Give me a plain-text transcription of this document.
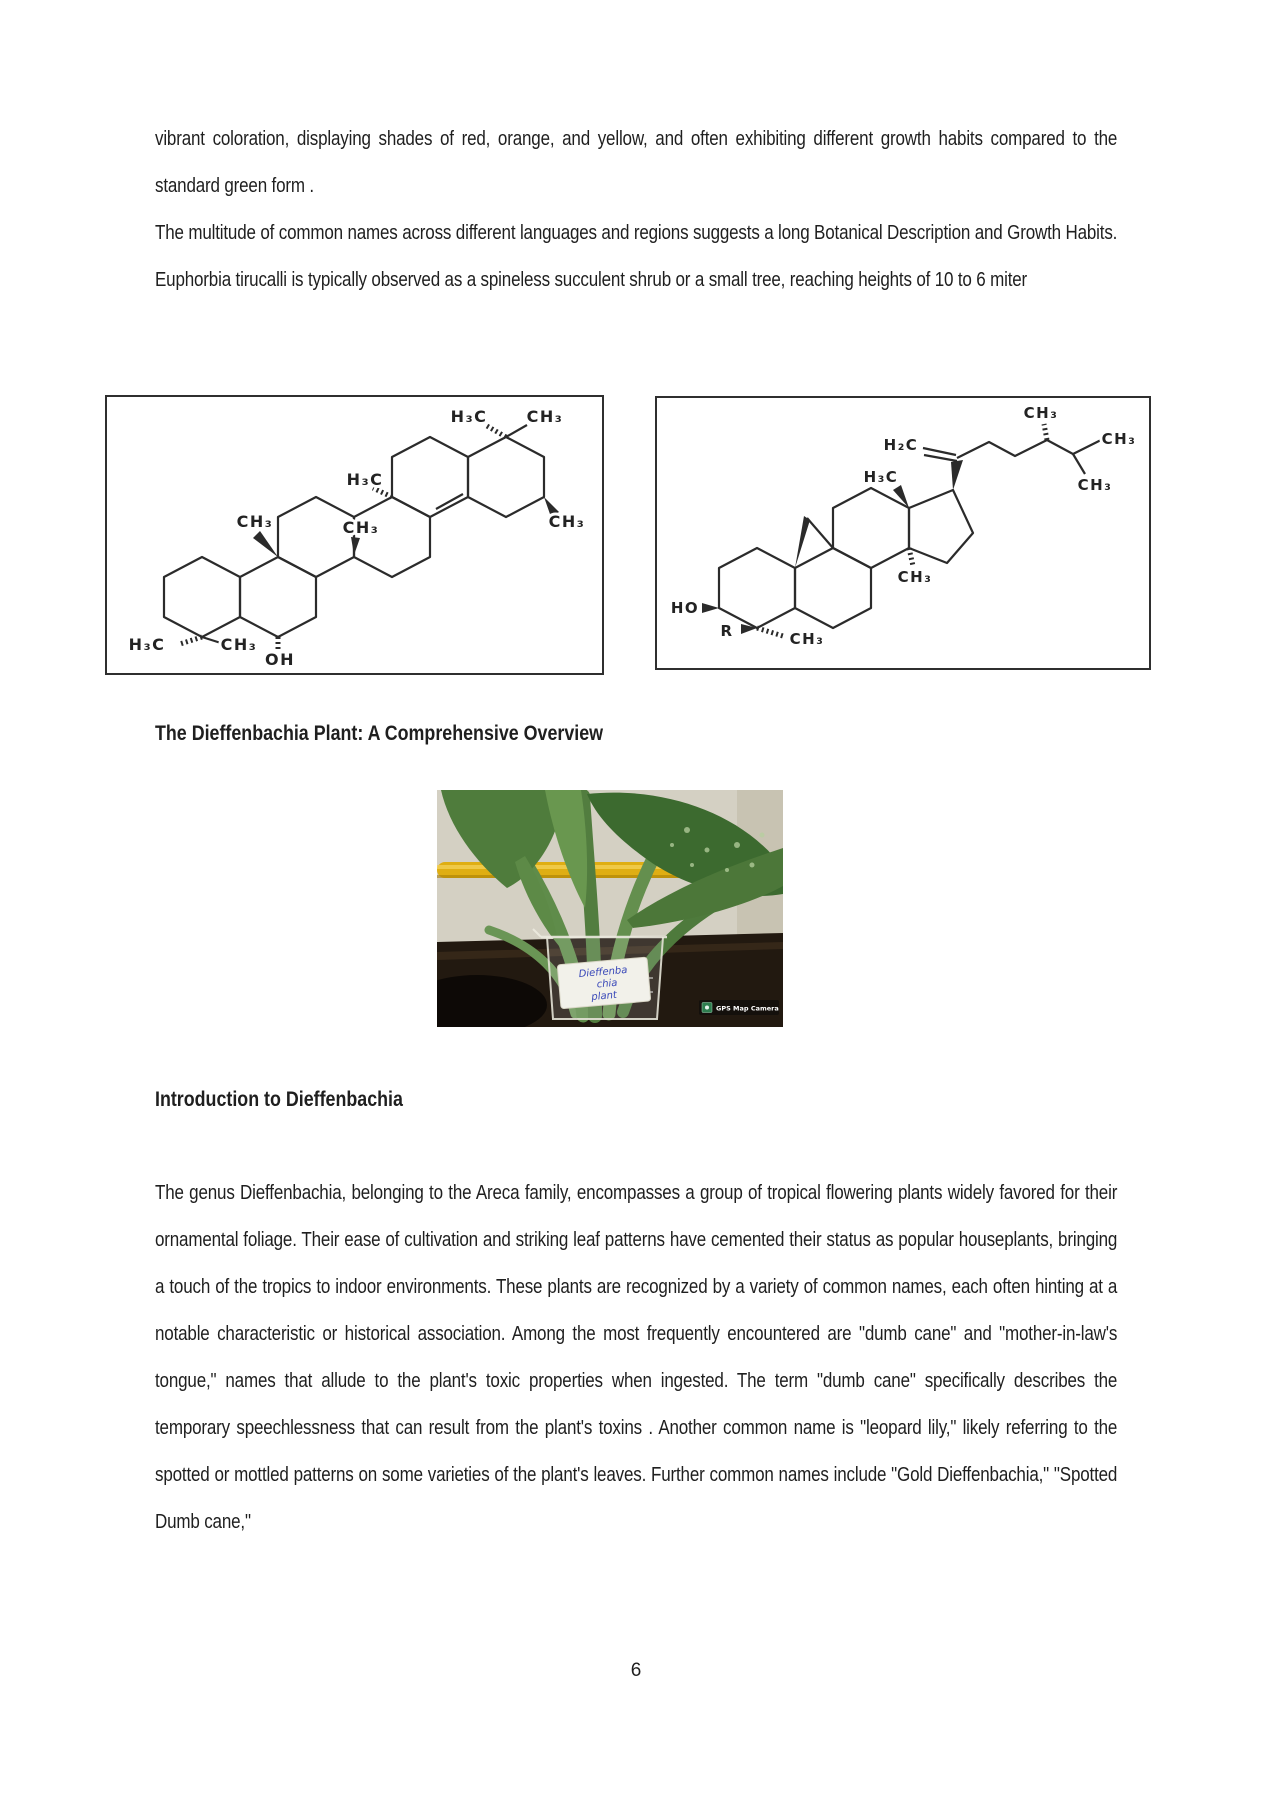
vibrant coloration, displaying shades of red, orange, and yellow, and often exhibiting different growth habits compared to the standard green form .

The multitude of common names across different languages and regions suggests a long Botanical Description and Growth Habits. Euphorbia tirucalli is typically observed as a spineless succulent shrub or a small tree, reaching heights of 10 to 6 miter

H₃C CH₃
H₃C
CH₃	CH₃	CH₃
H₃C	CH₃
OH
H₂C
H₃C
CH₃
CH₃
CH₃
CH₃
HO
R	CH₃
The Dieffenbachia Plant: A Comprehensive Overview
Dieffenba
chia
plant
GPS Map Camera
Introduction to Dieffenbachia

The genus Dieffenbachia, belonging to the Areca family, encompasses a group of tropical flowering plants widely favored for their ornamental foliage. Their ease of cultivation and striking leaf patterns have cemented their status as popular houseplants, bringing a touch of the tropics to indoor environments. These plants are recognized by a variety of common names, each often hinting at a notable characteristic or historical association. Among the most frequently encountered are "dumb cane" and "mother-in-law's tongue," names that allude to the plant's toxic properties when ingested. The term "dumb cane" specifically describes the temporary speechlessness that can result from the plant's toxins . Another common name is "leopard lily," likely referring to the spotted or mottled patterns on some varieties of the plant's leaves. Further common names include "Gold Dieffenbachia," "Spotted Dumb cane,"

6
